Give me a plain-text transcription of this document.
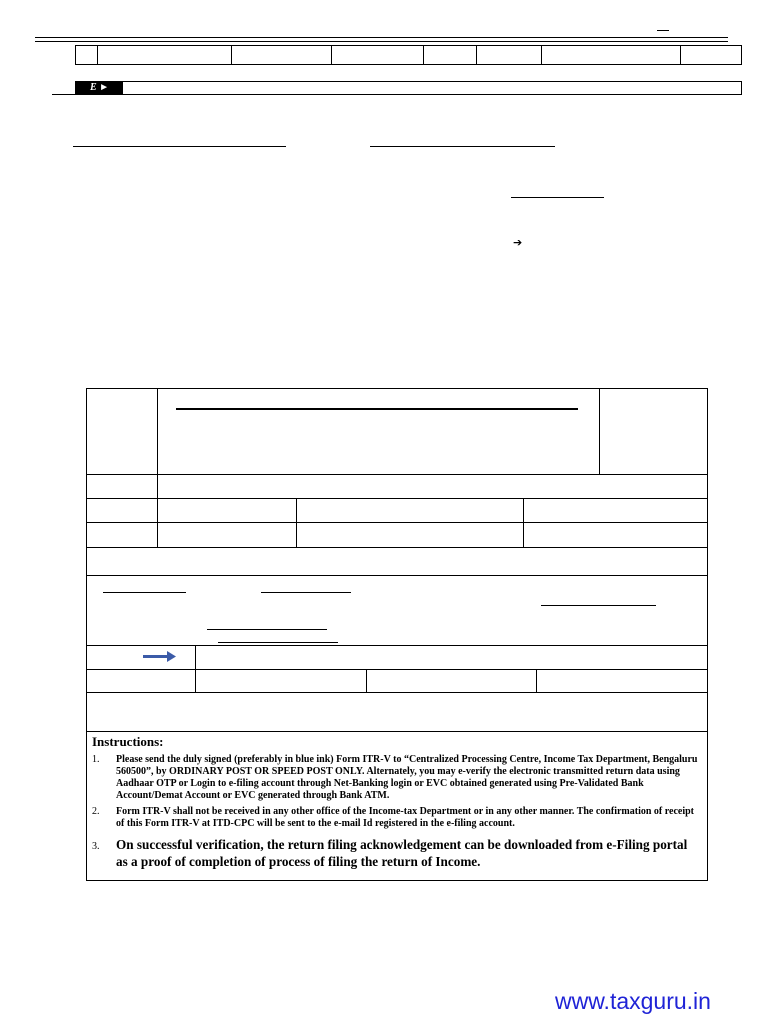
E ►
➔
Instructions:
1. Please send the duly signed (preferably in blue ink) Form ITR-V to “Centralized Processing Centre, Income Tax Department, Bengaluru 560500”, by ORDINARY POST OR SPEED POST ONLY. Alternately, you may e-verify the electronic transmitted return data using Aadhaar OTP or Login to e-filing account through Net-Banking login or EVC obtained generated using Pre-Validated Bank Account/Demat Account or EVC generated through Bank ATM.
2. Form ITR-V shall not be received in any other office of the Income-tax Department or in any other manner. The confirmation of receipt of this Form ITR-V at ITD-CPC will be sent to the e-mail Id registered in the e-filing account.
3. On successful verification, the return filing acknowledgement can be downloaded from e-Filing portal as a proof of completion of process of filing the return of Income.
www.taxguru.in
